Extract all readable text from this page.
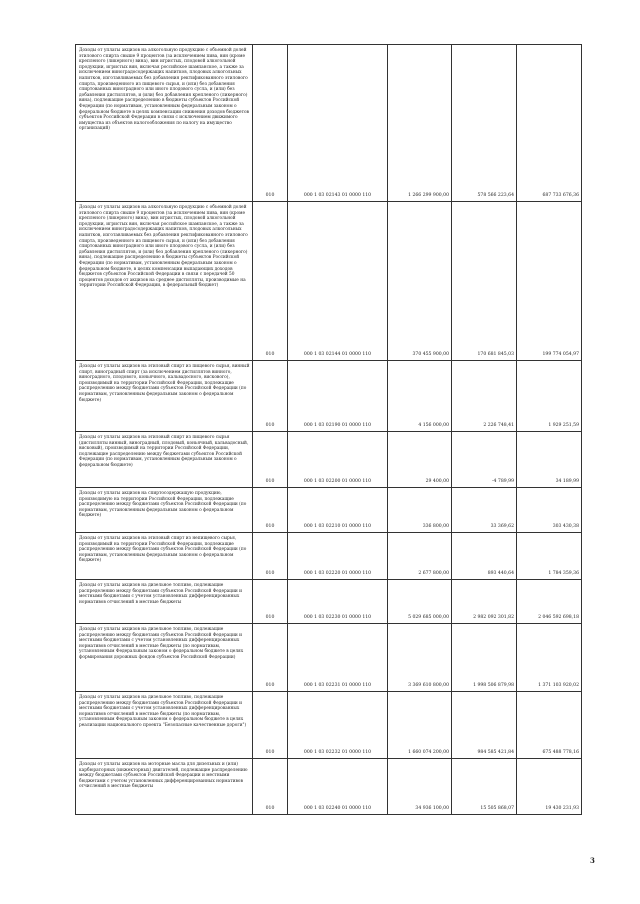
Доходы от уплаты акцизов на алкогольную продукцию с объемной долей этилового спирта свыше 9 процентов (за исключением пива, вин (кроме крепленого (ликерного) вина), вин игристых, плодовой алкогольной продукции, игристых вин, включая российское шампанское, а также за исключением виноградосодержащих напитков, плодовых алкогольных напитков, изготавливаемых без добавления ректификованного этилового спирта, произведенного из пищевого сырья, и (или) без добавления спиртованных виноградного или иного плодового сусла, и (или) без добавления дистиллятов, и (или) без добавления крепленого (ликерного) вина), подлежащие распределению в бюджеты субъектов Российской Федерации (по нормативам, установленным федеральным законом о федеральном бюджете в целях компенсации снижения доходов бюджетов субъектов Российской Федерации в связи с исключением движимого имущества из объектов налогообложения по налогу на имущество организаций)	010	000 1 03 02143 01 0000 110	1 266 299 900,00	578 566 223,64	687 733 676,36
Доходы от уплаты акцизов на алкогольную продукцию с объемной долей этилового спирта свыше 9 процентов (за исключением пива, вин (кроме крепленого (ликерного) вина), вин игристых, плодовой алкогольной продукции, игристых вин, включая российское шампанское, а также за исключением виноградосодержащих напитков, плодовых алкогольных напитков, изготавливаемых без добавления ректификованного этилового спирта, произведенного из пищевого сырья, и (или) без добавления спиртованных виноградного или иного плодового сусла, и (или) без добавления дистиллятов, и (или) без добавления крепленого (ликерного) вина), подлежащие распределению в бюджеты субъектов Российской Федерации (по нормативам, установленным федеральным законом о федеральном бюджете, в целях компенсации выпадающих доходов бюджетов субъектов Российской Федерации в связи с передачей 50 процентов доходов от акцизов на среднее дистилляты, производимые на территории Российской Федерации, в федеральный бюджет)	010	000 1 03 02144 01 0000 110	370 455 900,00	170 681 845,03	199 774 054,97
Доходы от уплаты акцизов на этиловый спирт из пищевого сырья, винный спирт, виноградный спирт (за исключением дистиллятов винного, виноградного, плодового, коньячного, кальвадосного, вискового), производимый на территории Российской Федерации, подлежащие распределению между бюджетами субъектов Российской Федерации (по нормативам, установленным федеральным законом о федеральном бюджете)	010	000 1 03 02190 01 0000 110	4 156 000,00	2 226 748,41	1 929 251,59
Доходы от уплаты акцизов на этиловый спирт из пищевого сырья (дистилляты винный, виноградный, плодовый, коньячный, кальвадосный, висковый), производимый на территории Российской Федерации, подлежащие распределению между бюджетами субъектов Российской Федерации (по нормативам, установленным федеральным законом о федеральном бюджете)	010	000 1 03 02200 01 0000 110	29 400,00	-4 789,99	34 189,99
Доходы от уплаты акцизов на спиртосодержащую продукцию, производимую на территории Российской Федерации, подлежащие распределению между бюджетами субъектов Российской Федерации (по нормативам, установленным федеральным законом о федеральном бюджете)	010	000 1 03 02210 01 0000 110	336 800,00	33 369,62	303 430,38
Доходы от уплаты акцизов на этиловый спирт из непищевого сырья, производимый на территории Российской Федерации, подлежащие распределению между бюджетами субъектов Российской Федерации (по нормативам, установленным федеральным законом о федеральном бюджете)	010	000 1 03 02220 01 0000 110	2 677 800,00	893 440,64	1 784 359,36
Доходы от уплаты акцизов на дизельное топливо, подлежащие распределению между бюджетами субъектов Российской Федерации и местными бюджетами с учетом установленных дифференцированных нормативов отчислений в местные бюджеты	010	000 1 03 02230 01 0000 110	5 029 685 000,00	2 982 092 301,82	2 046 592 698,18
Доходы от уплаты акцизов на дизельное топливо, подлежащие распределению между бюджетами субъектов Российской Федерации и местными бюджетами с учетом установленных дифференцированных нормативов отчислений в местные бюджеты (по нормативам, установленным Федеральным законом о федеральном бюджете в целях формирования дорожных фондов субъектов Российской Федерации)	010	000 1 03 02231 01 0000 110	3 369 610 800,00	1 998 506 879,98	1 371 103 920,02
Доходы от уплаты акцизов на дизельное топливо, подлежащие распределению между бюджетами субъектов Российской Федерации и местными бюджетами с учетом установленных дифференцированных нормативов отчислений в местные бюджеты (по нормативам, установленным Федеральным законом о федеральном бюджете в целях реализации национального проекта "Безопасные качественные дороги")	010	000 1 03 02232 01 0000 110	1 660 074 200,00	984 585 421,84	675 488 778,16
Доходы от уплаты акцизов на моторные масла для дизельных и (или) карбюраторных (инжекторных) двигателей, подлежащие распределению между бюджетами субъектов Российской Федерации и местными бюджетами с учетом установленных дифференцированных нормативов отчислений в местные бюджеты	010	000 1 03 02240 01 0000 110	34 936 100,00	15 505 868,07	19 430 231,93
3
